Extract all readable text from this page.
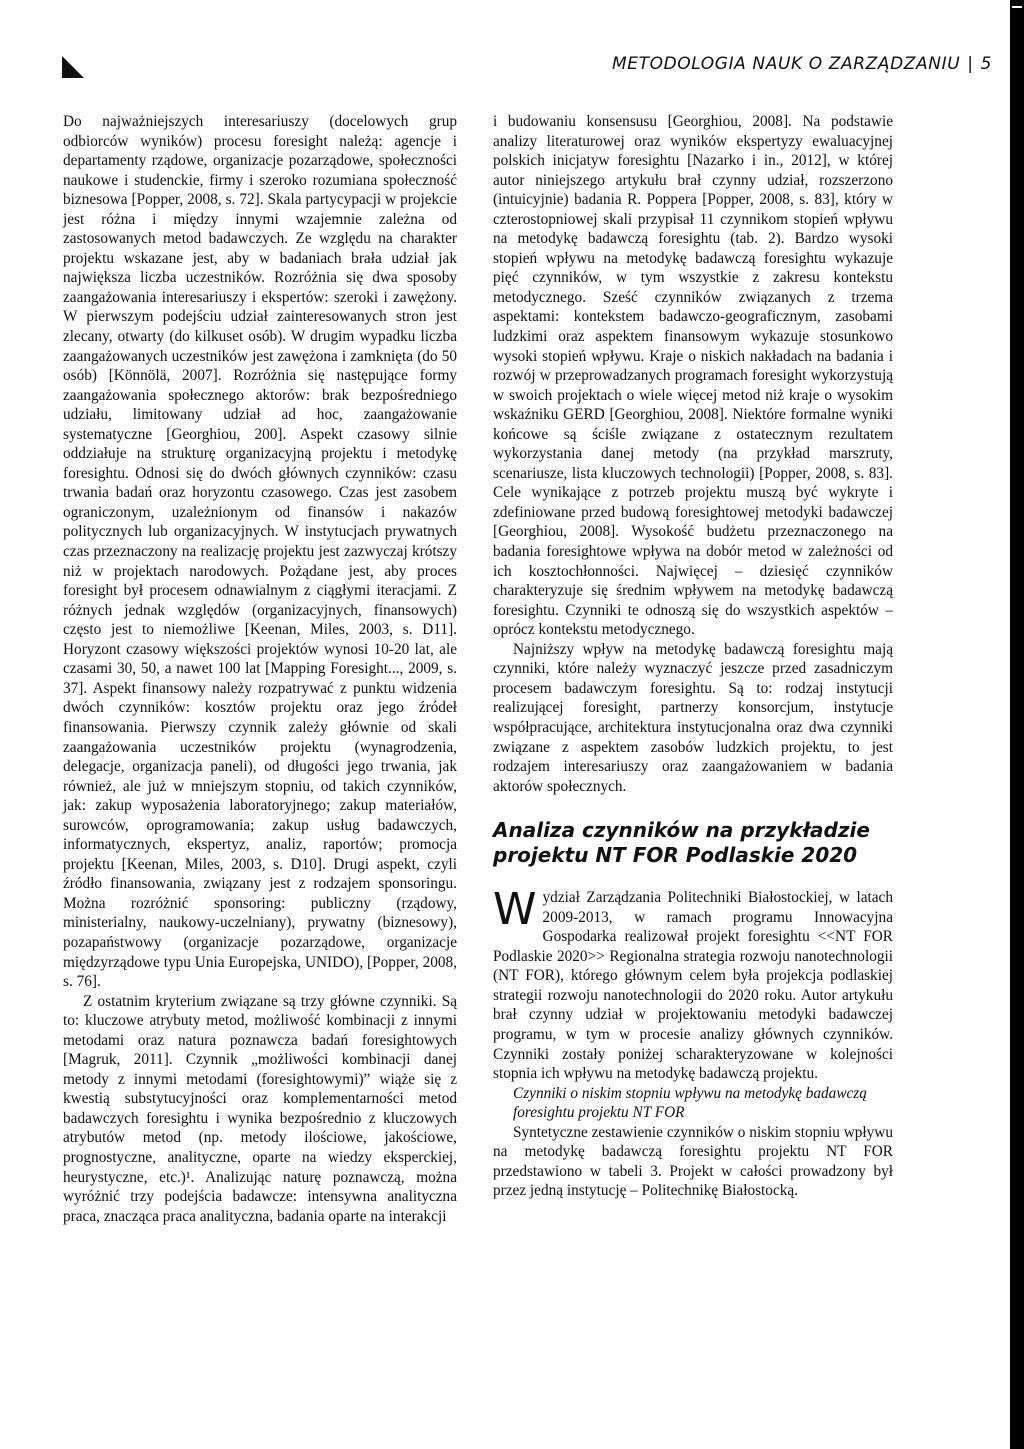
METODOLOGIA NAUK O ZARZĄDZANIU | 5

Do najważniejszych interesariuszy (docelowych grup odbiorców wyników) procesu foresight należą: agencje i departamenty rządowe, organizacje pozarządowe, społeczności naukowe i studenckie, firmy i szeroko rozumiana społeczność biznesowa [Popper, 2008, s. 72]. Skala partycypacji w projekcie jest różna i między innymi wzajemnie zależna od zastosowanych metod badawczych. Ze względu na charakter projektu wskazane jest, aby w badaniach brała udział jak największa liczba uczestników. Rozróżnia się dwa sposoby zaangażowania interesariuszy i ekspertów: szeroki i zawężony. W pierwszym podejściu udział zainteresowanych stron jest zlecany, otwarty (do kilkuset osób). W drugim wypadku liczba zaangażowanych uczestników jest zawężona i zamknięta (do 50 osób) [Könnölä, 2007]. Rozróżnia się następujące formy zaangażowania społecznego aktorów: brak bezpośredniego udziału, limitowany udział ad hoc, zaangażowanie systematyczne [Georghiou, 200]. Aspekt czasowy silnie oddziałuje na strukturę organizacyjną projektu i metodykę foresightu. Odnosi się do dwóch głównych czynników: czasu trwania badań oraz horyzontu czasowego. Czas jest zasobem ograniczonym, uzależnionym od finansów i nakazów politycznych lub organizacyjnych. W instytucjach prywatnych czas przeznaczony na realizację projektu jest zazwyczaj krótszy niż w projektach narodowych. Pożądane jest, aby proces foresight był procesem odnawialnym z ciągłymi iteracjami. Z różnych jednak względów (organizacyjnych, finansowych) często jest to niemożliwe [Keenan, Miles, 2003, s. D11]. Horyzont czasowy większości projektów wynosi 10-20 lat, ale czasami 30, 50, a nawet 100 lat [Mapping Foresight..., 2009, s. 37]. Aspekt finansowy należy rozpatrywać z punktu widzenia dwóch czynników: kosztów projektu oraz jego źródeł finansowania. Pierwszy czynnik zależy głównie od skali zaangażowania uczestników projektu (wynagrodzenia, delegacje, organizacja paneli), od długości jego trwania, jak również, ale już w mniejszym stopniu, od takich czynników, jak: zakup wyposażenia laboratoryjnego; zakup materiałów, surowców, oprogramowania; zakup usług badawczych, informatycznych, ekspertyz, analiz, raportów; promocja projektu [Keenan, Miles, 2003, s. D10]. Drugi aspekt, czyli źródło finansowania, związany jest z rodzajem sponsoringu. Można rozróżnić sponsoring: publiczny (rządowy, ministerialny, naukowy-uczelniany), prywatny (biznesowy), pozapaństwowy (organizacje pozarządowe, organizacje międzyrządowe typu Unia Europejska, UNIDO), [Popper, 2008, s. 76].

Z ostatnim kryterium związane są trzy główne czynniki. Są to: kluczowe atrybuty metod, możliwość kombinacji z innymi metodami oraz natura poznawcza badań foresightowych [Magruk, 2011]. Czynnik „możliwości kombinacji danej metody z innymi metodami (foresightowymi)” wiąże się z kwestią substytucyjności oraz komplementarności metod badawczych foresightu i wynika bezpośrednio z kluczowych atrybutów metod (np. metody ilościowe, jakościowe, prognostyczne, analityczne, oparte na wiedzy eksperckiej, heurystyczne, etc.)¹. Analizując naturę poznawczą, można wyróżnić trzy podejścia badawcze: intensywna analityczna praca, znacząca praca analityczna, badania oparte na interakcji

i budowaniu konsensusu [Georghiou, 2008]. Na podstawie analizy literaturowej oraz wyników ekspertyzy ewaluacyjnej polskich inicjatyw foresightu [Nazarko i in., 2012], w której autor niniejszego artykułu brał czynny udział, rozszerzono (intuicyjnie) badania R. Poppera [Popper, 2008, s. 83], który w czterostopniowej skali przypisał 11 czynnikom stopień wpływu na metodykę badawczą foresightu (tab. 2). Bardzo wysoki stopień wpływu na metodykę badawczą foresightu wykazuje pięć czynników, w tym wszystkie z zakresu kontekstu metodycznego. Sześć czynników związanych z trzema aspektami: kontekstem badawczo-geograficznym, zasobami ludzkimi oraz aspektem finansowym wykazuje stosunkowo wysoki stopień wpływu. Kraje o niskich nakładach na badania i rozwój w przeprowadzanych programach foresight wykorzystują w swoich projektach o wiele więcej metod niż kraje o wysokim wskaźniku GERD [Georghiou, 2008]. Niektóre formalne wyniki końcowe są ściśle związane z ostatecznym rezultatem wykorzystania danej metody (na przykład marszruty, scenariusze, lista kluczowych technologii) [Popper, 2008, s. 83]. Cele wynikające z potrzeb projektu muszą być wykryte i zdefiniowane przed budową foresightowej metodyki badawczej [Georghiou, 2008]. Wysokość budżetu przeznaczonego na badania foresightowe wpływa na dobór metod w zależności od ich kosztochłonności. Najwięcej – dziesięć czynników charakteryzuje się średnim wpływem na metodykę badawczą foresightu. Czynniki te odnoszą się do wszystkich aspektów – oprócz kontekstu metodycznego.

Najniższy wpływ na metodykę badawczą foresightu mają czynniki, które należy wyznaczyć jeszcze przed zasadniczym procesem badawczym foresightu. Są to: rodzaj instytucji realizującej foresight, partnerzy konsorcjum, instytucje współpracujące, architektura instytucjonalna oraz dwa czynniki związane z aspektem zasobów ludzkich projektu, to jest rodzajem interesariuszy oraz zaangażowaniem w badania aktorów społecznych.

Analiza czynników na przykładzie projektu NT FOR Podlaskie 2020

Wydział Zarządzania Politechniki Białostockiej, w latach 2009-2013, w ramach programu Innowacyjna Gospodarka realizował projekt foresightu <<NT FOR Podlaskie 2020>> Regionalna strategia rozwoju nanotechnologii (NT FOR), którego głównym celem była projekcja podlaskiej strategii rozwoju nanotechnologii do 2020 roku. Autor artykułu brał czynny udział w projektowaniu metodyki badawczej programu, w tym w procesie analizy głównych czynników. Czynniki zostały poniżej scharakteryzowane w kolejności stopnia ich wpływu na metodykę badawczą projektu.

Czynniki o niskim stopniu wpływu na metodykę badawczą foresightu projektu NT FOR

Syntetyczne zestawienie czynników o niskim stopniu wpływu na metodykę badawczą foresightu projektu NT FOR przedstawiono w tabeli 3. Projekt w całości prowadzony był przez jedną instytucję – Politechnikę Białostocką.
